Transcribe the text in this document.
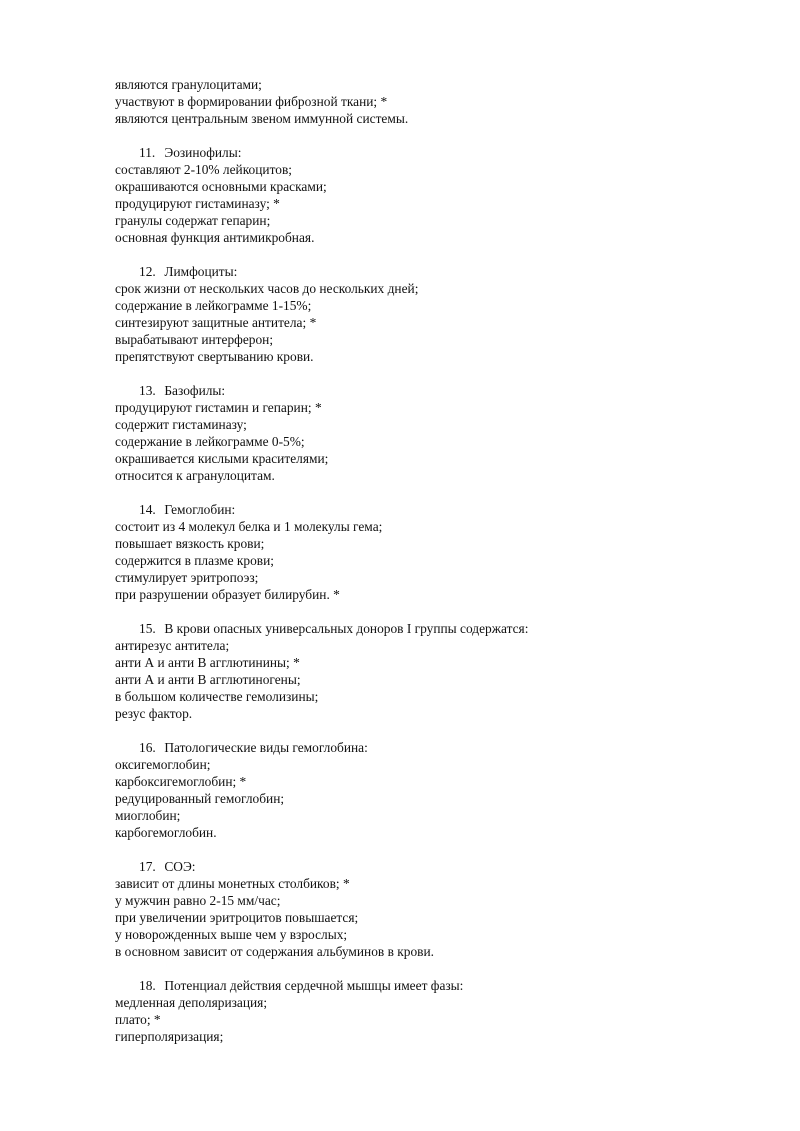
являются гранулоцитами;
участвуют в формировании фиброзной ткани; *
являются центральным звеном иммунной системы.
11. Эозинофилы:
составляют 2-10% лейкоцитов;
окрашиваются основными красками;
продуцируют гистаминазу; *
гранулы содержат гепарин;
основная функция антимикробная.
12. Лимфоциты:
срок жизни от нескольких часов до нескольких дней;
содержание в лейкограмме 1-15%;
синтезируют защитные антитела; *
вырабатывают интерферон;
препятствуют свертыванию крови.
13. Базофилы:
продуцируют гистамин и гепарин; *
содержит гистаминазу;
содержание в лейкограмме 0-5%;
окрашивается кислыми красителями;
относится к агранулоцитам.
14. Гемоглобин:
состоит из 4 молекул белка и 1 молекулы гема;
повышает вязкость крови;
содержится в плазме крови;
стимулирует эритропоэз;
при разрушении образует билирубин. *
15. В крови опасных универсальных доноров I группы содержатся:
антирезус антитела;
анти А и анти В агглютинины; *
анти А и анти В агглютиногены;
в большом количестве гемолизины;
резус фактор.
16. Патологические виды гемоглобина:
оксигемоглобин;
карбоксигемоглобин; *
редуцированный гемоглобин;
миоглобин;
карбогемоглобин.
17. СОЭ:
зависит от длины монетных столбиков; *
у мужчин равно 2-15 мм/час;
при увеличении эритроцитов повышается;
у новорожденных выше чем у взрослых;
в основном зависит от содержания альбуминов в крови.
18. Потенциал действия сердечной мышцы имеет фазы:
медленная деполяризация;
плато; *
гиперполяризация;
